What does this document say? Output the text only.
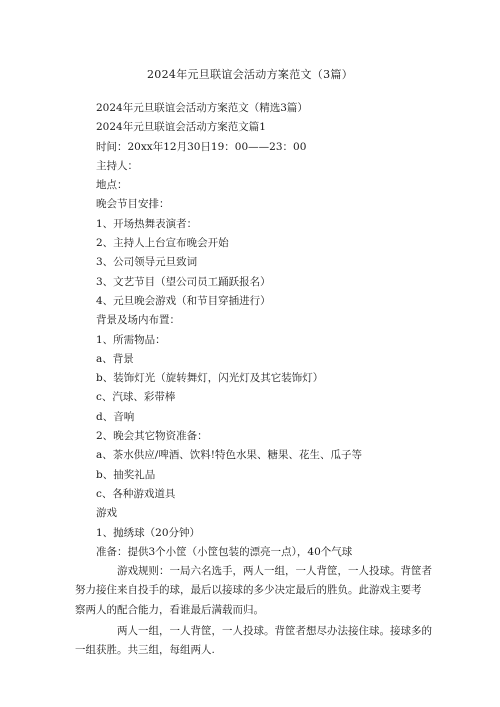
2024年元旦联谊会活动方案范文（3篇）
2024年元旦联谊会活动方案范文（精选3篇）
2024年元旦联谊会活动方案范文篇1
时间：20xx年12月30日19：00——23：00
主持人：
地点：
晚会节目安排：
1、开场热舞表演者：
2、主持人上台宣布晚会开始
3、公司领导元旦致词
3、文艺节目（望公司员工踊跃报名）
4、元旦晚会游戏（和节目穿插进行）
背景及场内布置：
1、所需物品：
a、背景
b、装饰灯光（旋转舞灯，闪光灯及其它装饰灯）
c、汽球、彩带棒
d、音响
2、晚会其它物资准备：
a、茶水供应/啤酒、饮料!特色水果、糖果、花生、瓜子等
b、抽奖礼品
c、各种游戏道具
游戏
1、抛绣球（20分钟）
准备：提供3个小筐（小筐包装的漂亮一点），40个气球
游戏规则：一局六名选手，两人一组，一人背筐，一人投球。背筐者
努力接住来自投手的球，最后以接球的多少决定最后的胜负。此游戏主要考
察两人的配合能力，看谁最后满载而归。
两人一组，一人背筐，一人投球。背筐者想尽办法接住球。接球多的
一组获胜。共三组，每组两人.
